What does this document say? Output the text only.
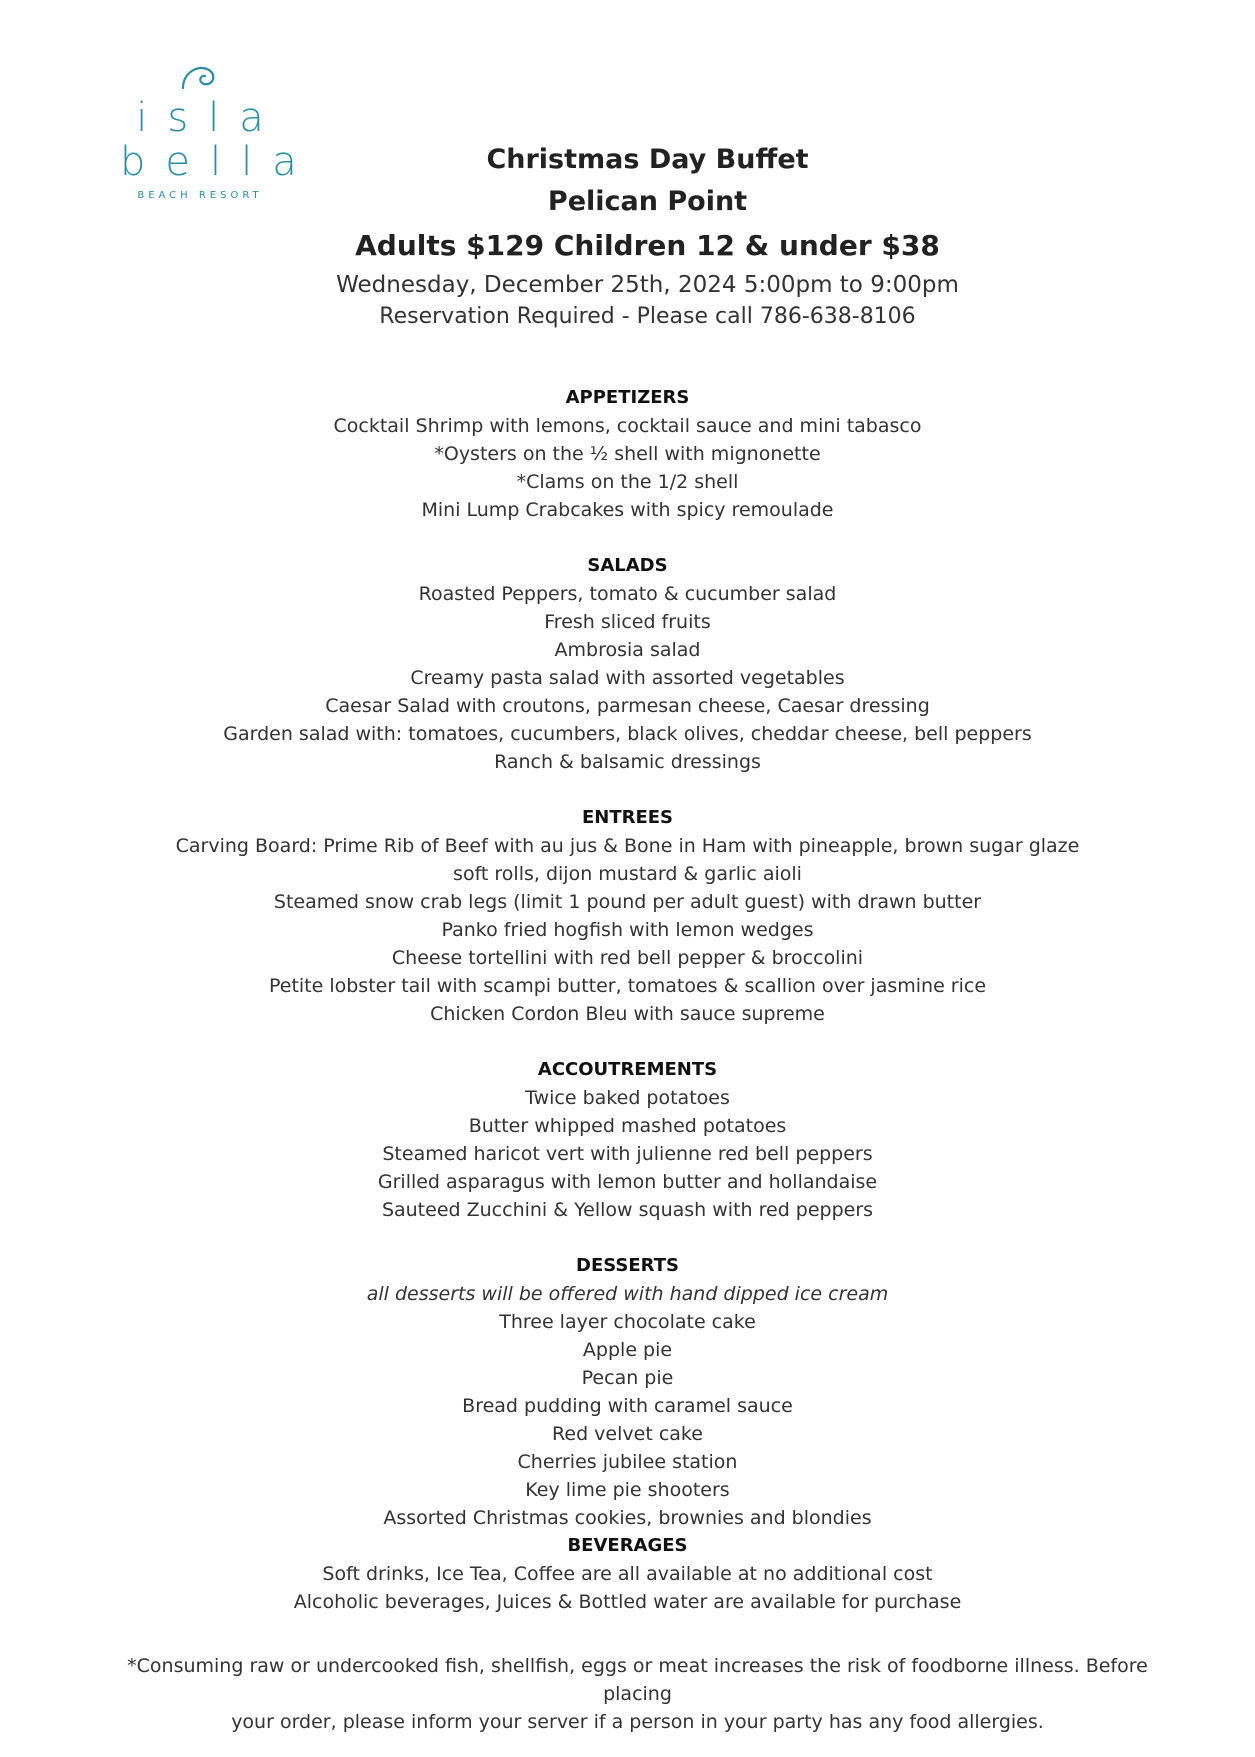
isla
bella
BEACH RESORT
Christmas Day Buffet
Pelican Point
Adults $129 Children 12 & under $38
Wednesday, December 25th, 2024 5:00pm to 9:00pm
Reservation Required - Please call 786-638-8106
APPETIZERS
Cocktail Shrimp with lemons, cocktail sauce and mini tabasco
*Oysters on the ½ shell with mignonette
*Clams on the 1/2 shell
Mini Lump Crabcakes with spicy remoulade
SALADS
Roasted Peppers, tomato & cucumber salad
Fresh sliced fruits
Ambrosia salad
Creamy pasta salad with assorted vegetables
Caesar Salad with croutons, parmesan cheese, Caesar dressing
Garden salad with: tomatoes, cucumbers, black olives, cheddar cheese, bell peppers
Ranch & balsamic dressings
ENTREES
Carving Board: Prime Rib of Beef with au jus & Bone in Ham with pineapple, brown sugar glaze
soft rolls, dijon mustard & garlic aioli
Steamed snow crab legs (limit 1 pound per adult guest) with drawn butter
Panko fried hogfish with lemon wedges
Cheese tortellini with red bell pepper & broccolini
Petite lobster tail with scampi butter, tomatoes & scallion over jasmine rice
Chicken Cordon Bleu with sauce supreme
ACCOUTREMENTS
Twice baked potatoes
Butter whipped mashed potatoes
Steamed haricot vert with julienne red bell peppers
Grilled asparagus with lemon butter and hollandaise
Sauteed Zucchini & Yellow squash with red peppers
DESSERTS
all desserts will be offered with hand dipped ice cream
Three layer chocolate cake
Apple pie
Pecan pie
Bread pudding with caramel sauce
Red velvet cake
Cherries jubilee station
Key lime pie shooters
Assorted Christmas cookies, brownies and blondies
BEVERAGES
Soft drinks, Ice Tea, Coffee are all available at no additional cost
Alcoholic beverages, Juices & Bottled water are available for purchase
*Consuming raw or undercooked fish, shellfish, eggs or meat increases the risk of foodborne illness. Before placing
your order, please inform your server if a person in your party has any food allergies.
